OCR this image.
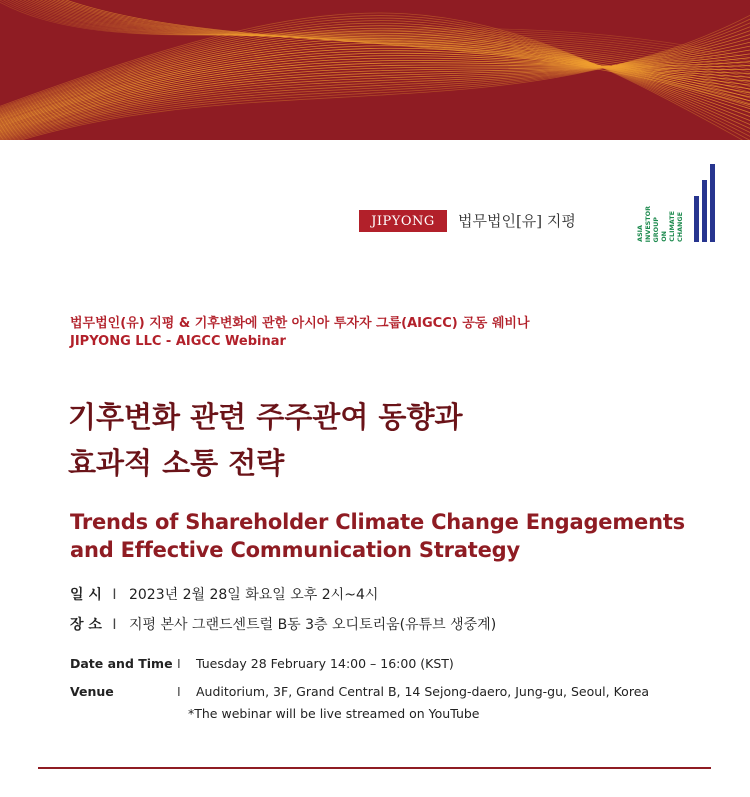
JIPYONG 법무법인[유] 지평
ASIA INVESTOR GROUP ON CLIMATE CHANGE
법무법인(유) 지평 & 기후변화에 관한 아시아 투자자 그룹(AIGCC) 공동 웨비나
JIPYONG LLC - AIGCC Webinar
기후변화 관련 주주관여 동향과
효과적 소통 전략
Trends of Shareholder Climate Change Engagements
and Effective Communication Strategy
일 시 I 2023년 2월 28일 화요일 오후 2시~4시
장 소 I 지평 본사 그랜드센트럴 B동 3층 오디토리움(유튜브 생중계)
Date and Time I Tuesday 28 February 14:00 – 16:00 (KST)
Venue	I Auditorium, 3F, Grand Central B, 14 Sejong-daero, Jung-gu, Seoul, Korea
*The webinar will be live streamed on YouTube
